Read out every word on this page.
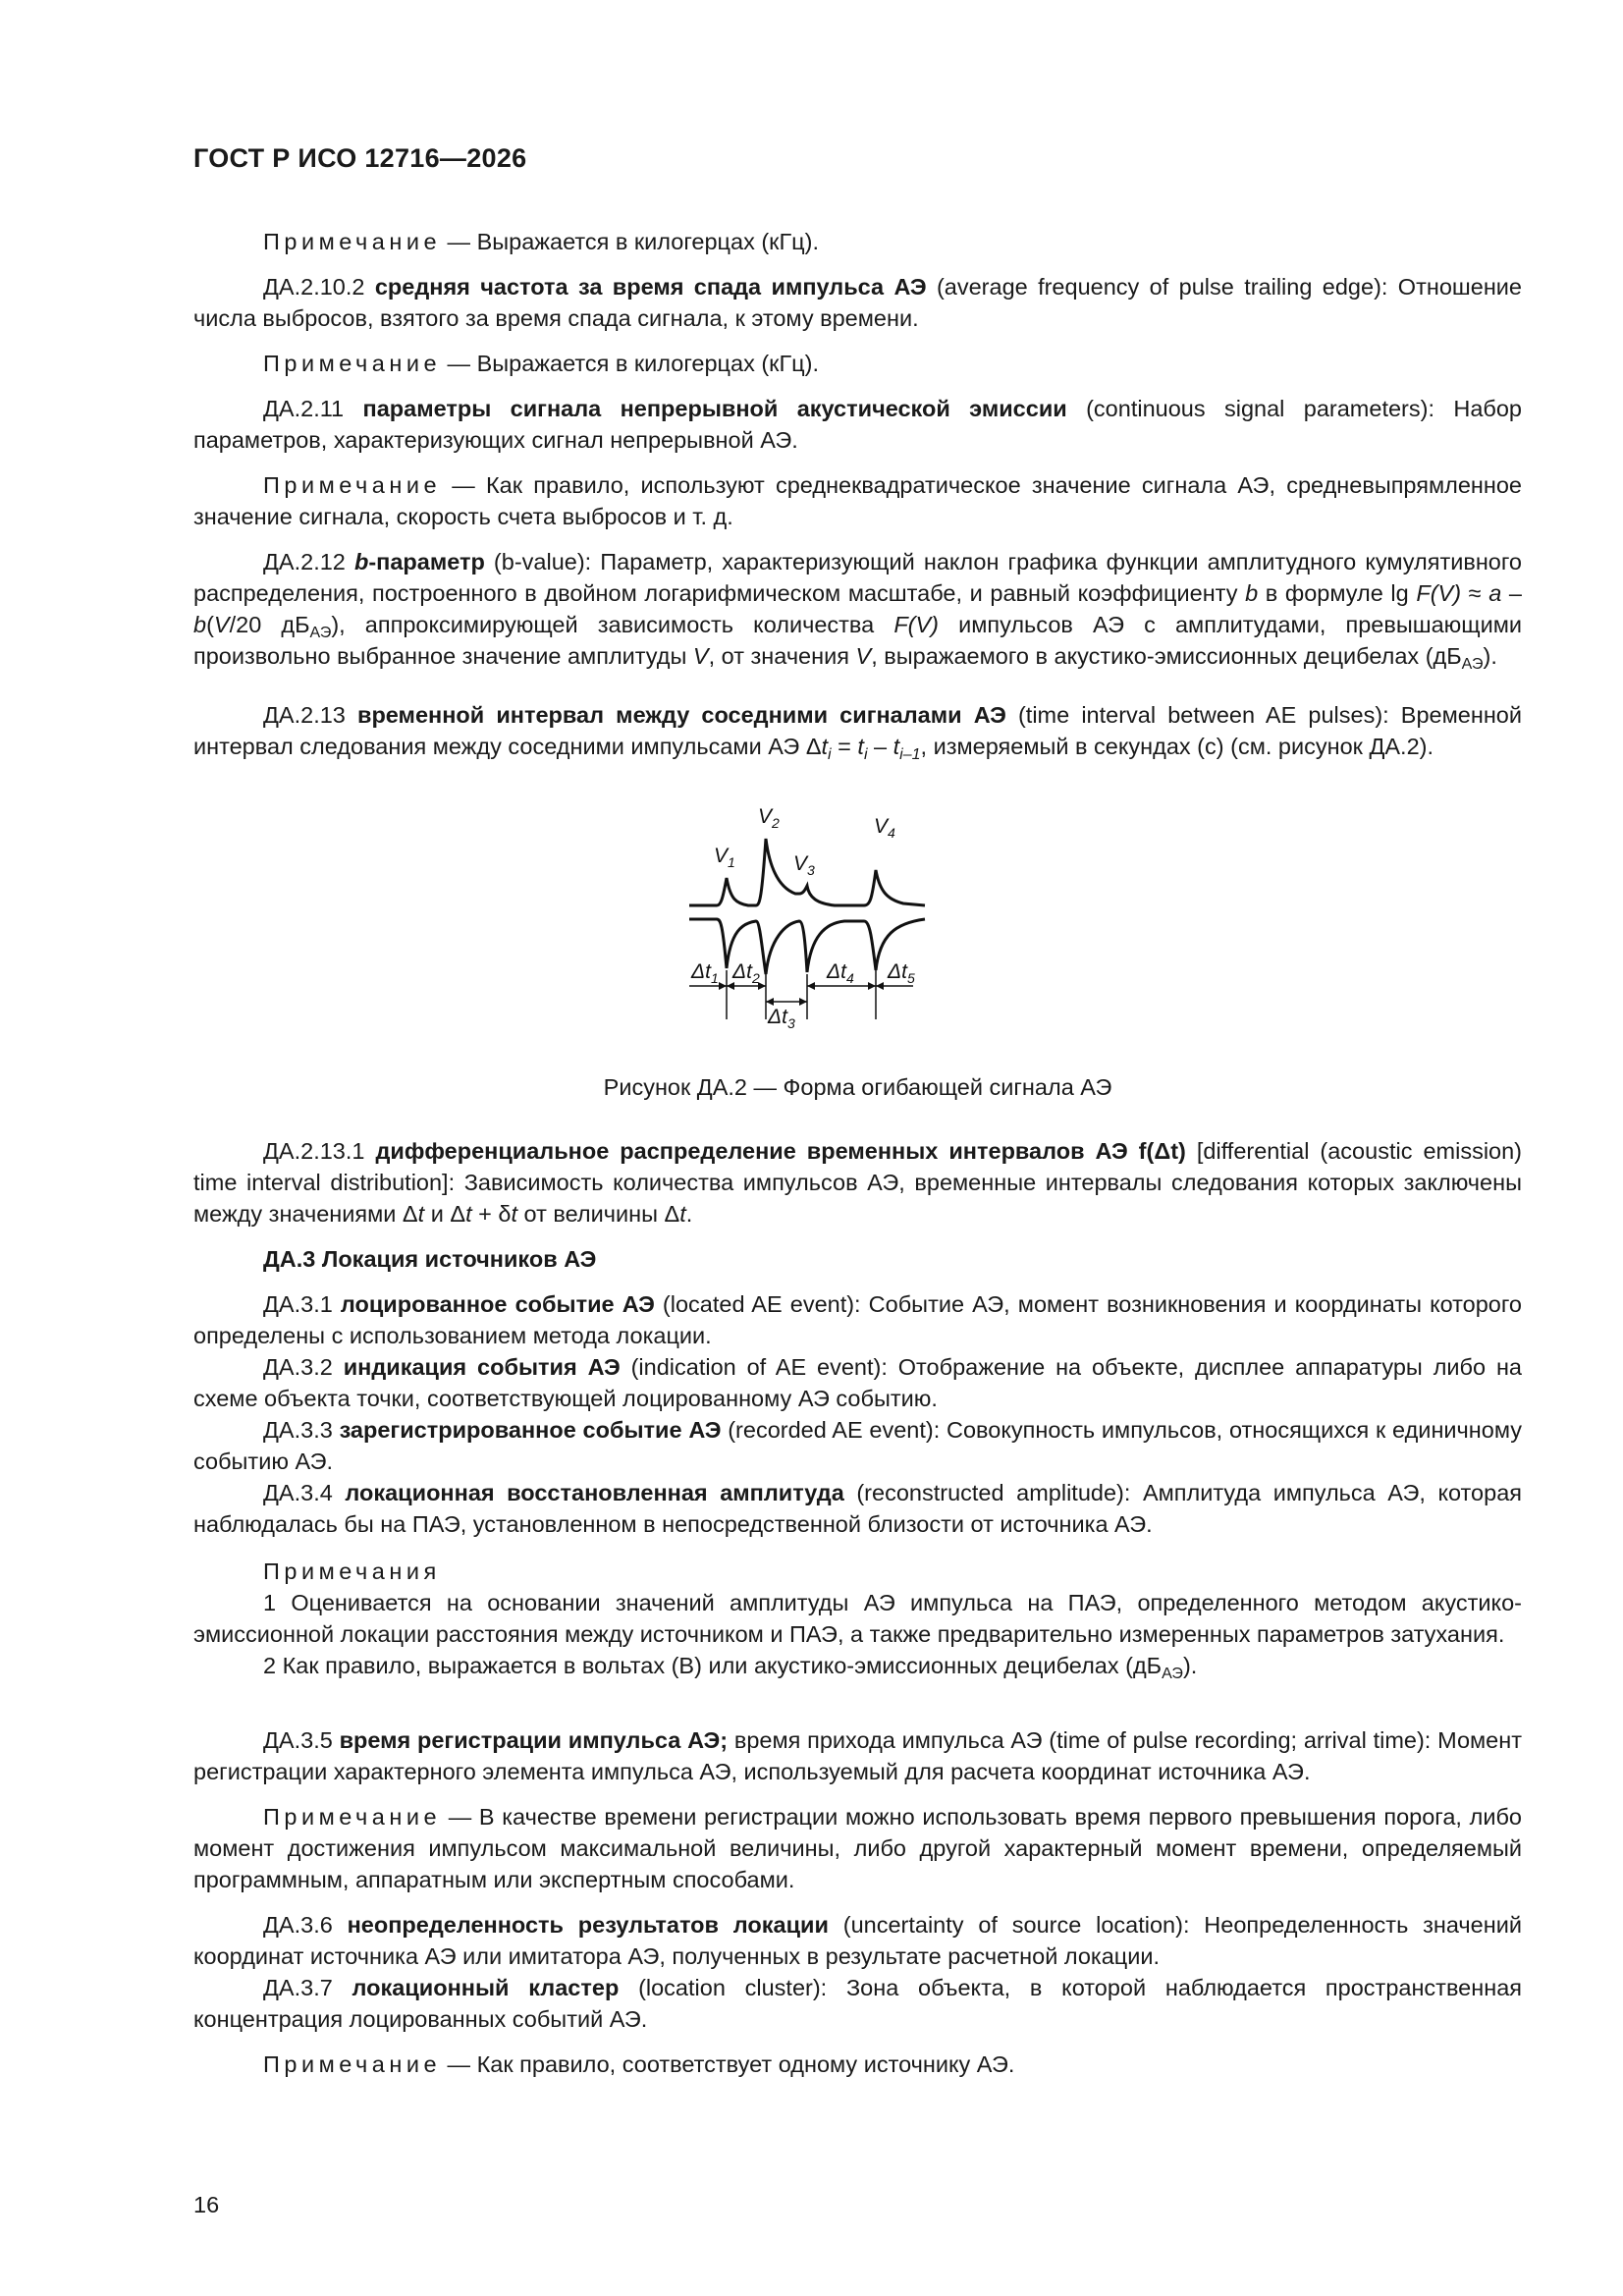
ГОСТ Р ИСО 12716—2026

Примечание — Выражается в килогерцах (кГц).

ДА.2.10.2 средняя частота за время спада импульса АЭ (average frequency of pulse trailing edge): Отношение числа выбросов, взятого за время спада сигнала, к этому времени.

Примечание — Выражается в килогерцах (кГц).

ДА.2.11 параметры сигнала непрерывной акустической эмиссии (continuous signal parameters): Набор параметров, характеризующих сигнал непрерывной АЭ.

Примечание — Как правило, используют среднеквадратическое значение сигнала АЭ, средневыпрямленное значение сигнала, скорость счета выбросов и т. д.

ДА.2.12 b-параметр (b-value): Параметр, характеризующий наклон графика функции амплитудного кумулятивного распределения, построенного в двойном логарифмическом масштабе, и равный коэффициенту b в формуле lg F(V) ≈ a – b(V/20 $дБ_{АЭ}$), аппроксимирующей зависимость количества F(V) импульсов АЭ с амплитудами, превышающими произвольно выбранное значение амплитуды V, от значения V, выражаемого в акустико-эмиссионных децибелах $(дБ_{АЭ})$.

ДА.2.13 временной интервал между соседними сигналами АЭ (time interval between AE pulses): Временной интервал следования между соседними импульсами АЭ $\Delta t_i = t_i - t_{i-1}$, измеряемый в секундах (с) (см. рисунок ДА.2).

$V_1$
$V_2$
$V_3$
$V_4$
$\Delta t_1$ $\Delta t_2$
$\Delta t_3$
$\Delta t_4$ $\Delta t_5$
Рисунок ДА.2 — Форма огибающей сигнала АЭ

ДА.2.13.1 дифференциальное распределение временных интервалов АЭ f(Δt) [differential (acoustic emission) time interval distribution]: Зависимость количества импульсов АЭ, временные интервалы следования которых заключены между значениями Δt и Δt + δt от величины Δt.

ДА.3 Локация источников АЭ

ДА.3.1 лоцированное событие АЭ (located AE event): Событие АЭ, момент возникновения и координаты которого определены с использованием метода локации.

ДА.3.2 индикация события АЭ (indication of AE event): Отображение на объекте, дисплее аппаратуры либо на схеме объекта точки, соответствующей лоцированному АЭ событию.

ДА.3.3 зарегистрированное событие АЭ (recorded AE event): Совокупность импульсов, относящихся к единичному событию АЭ.

ДА.3.4 локационная восстановленная амплитуда (reconstructed amplitude): Амплитуда импульса АЭ, которая наблюдалась бы на ПАЭ, установленном в непосредственной близости от источника АЭ.

Примечания

1 Оценивается на основании значений амплитуды АЭ импульса на ПАЭ, определенного методом акустико-эмиссионной локации расстояния между источником и ПАЭ, а также предварительно измеренных параметров затухания.

2 Как правило, выражается в вольтах (В) или акустико-эмиссионных децибелах $(дБ_{АЭ})$.

ДА.3.5 время регистрации импульса АЭ; время прихода импульса АЭ (time of pulse recording; arrival time): Момент регистрации характерного элемента импульса АЭ, используемый для расчета координат источника АЭ.

Примечание — В качестве времени регистрации можно использовать время первого превышения порога, либо момент достижения импульсом максимальной величины, либо другой характерный момент времени, определяемый программным, аппаратным или экспертным способами.

ДА.3.6 неопределенность результатов локации (uncertainty of source location): Неопределенность значений координат источника АЭ или имитатора АЭ, полученных в результате расчетной локации.

ДА.3.7 локационный кластер (location cluster): Зона объекта, в которой наблюдается пространственная концентрация лоцированных событий АЭ.

Примечание — Как правило, соответствует одному источнику АЭ.

16
